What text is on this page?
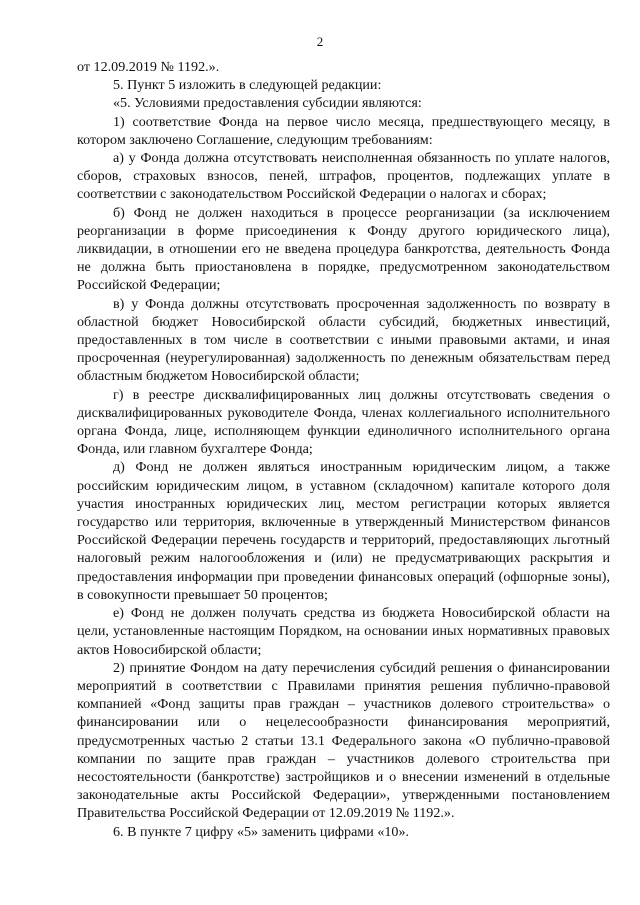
2

от 12.09.2019 № 1192.».

5. Пункт 5 изложить в следующей редакции:

«5. Условиями предоставления субсидии являются:

1) соответствие Фонда на первое число месяца, предшествующего месяцу, в котором заключено Соглашение, следующим требованиям:

а) у Фонда должна отсутствовать неисполненная обязанность по уплате налогов, сборов, страховых взносов, пеней, штрафов, процентов, подлежащих уплате в соответствии с законодательством Российской Федерации о налогах и сборах;

б) Фонд не должен находиться в процессе реорганизации (за исключением реорганизации в форме присоединения к Фонду другого юридического лица), ликвидации, в отношении его не введена процедура банкротства, деятельность Фонда не должна быть приостановлена в порядке, предусмотренном законодательством Российской Федерации;

в) у Фонда должны отсутствовать просроченная задолженность по возврату в областной бюджет Новосибирской области субсидий, бюджетных инвестиций, предоставленных в том числе в соответствии с иными правовыми актами, и иная просроченная (неурегулированная) задолженность по денежным обязательствам перед областным бюджетом Новосибирской области;

г) в реестре дисквалифицированных лиц должны отсутствовать сведения о дисквалифицированных руководителе Фонда, членах коллегиального исполнительного органа Фонда, лице, исполняющем функции единоличного исполнительного органа Фонда, или главном бухгалтере Фонда;

д) Фонд не должен являться иностранным юридическим лицом, а также российским юридическим лицом, в уставном (складочном) капитале которого доля участия иностранных юридических лиц, местом регистрации которых является государство или территория, включенные в утвержденный Министерством финансов Российской Федерации перечень государств и территорий, предоставляющих льготный налоговый режим налогообложения и (или) не предусматривающих раскрытия и предоставления информации при проведении финансовых операций (офшорные зоны), в совокупности превышает 50 процентов;

е) Фонд не должен получать средства из бюджета Новосибирской области на цели, установленные настоящим Порядком, на основании иных нормативных правовых актов Новосибирской области;

2) принятие Фондом на дату перечисления субсидий решения о финансировании мероприятий в соответствии с Правилами принятия решения публично-правовой компанией «Фонд защиты прав граждан – участников долевого строительства» о финансировании или о нецелесообразности финансирования мероприятий, предусмотренных частью 2 статьи 13.1 Федерального закона «О публично-правовой компании по защите прав граждан – участников долевого строительства при несостоятельности (банкротстве) застройщиков и о внесении изменений в отдельные законодательные акты Российской Федерации», утвержденными постановлением Правительства Российской Федерации от 12.09.2019 № 1192.».

6. В пункте 7 цифру «5» заменить цифрами «10».
